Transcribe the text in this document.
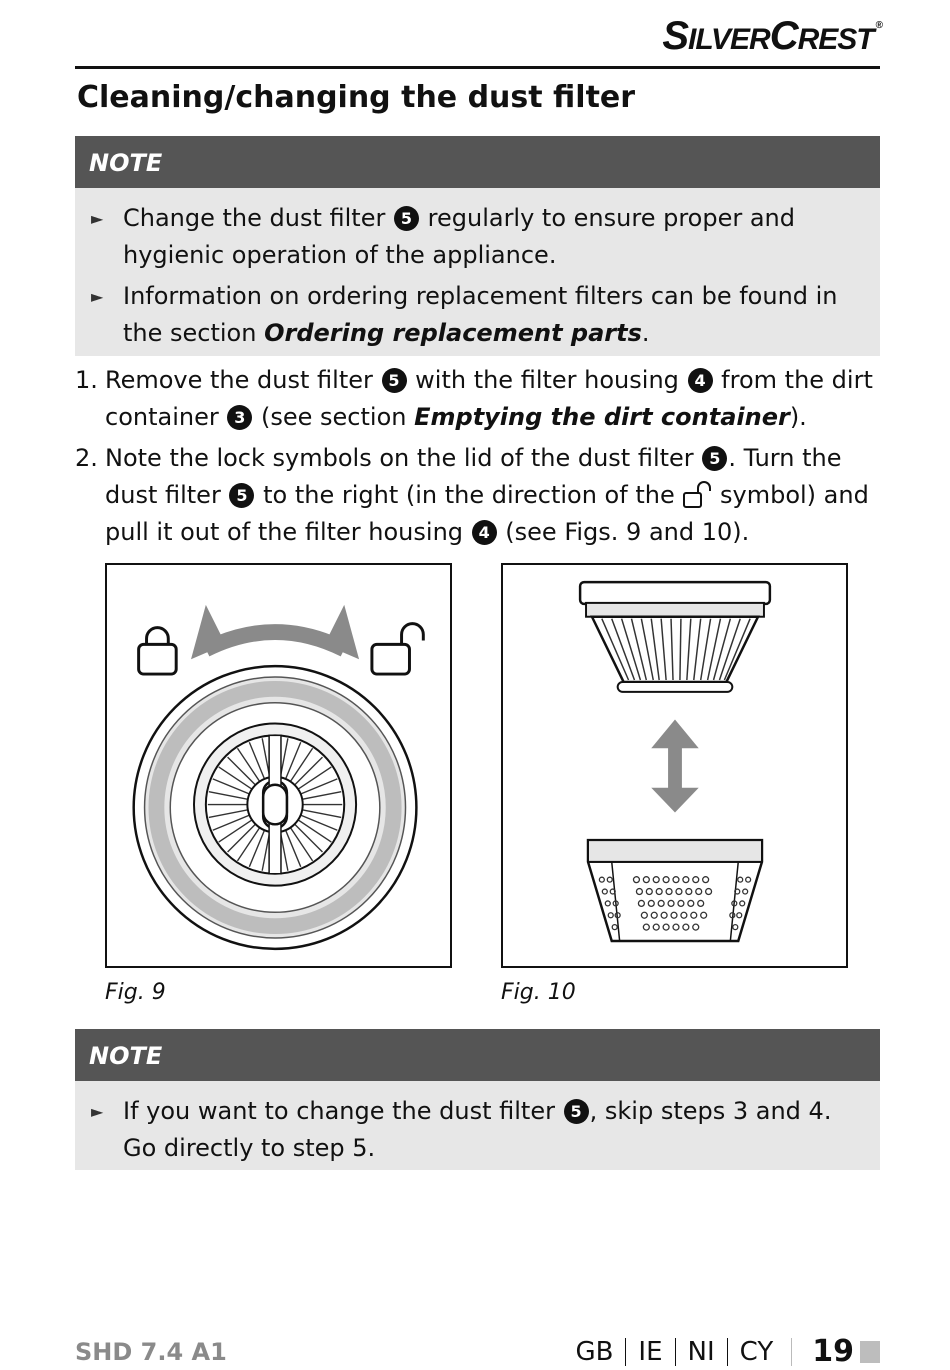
SILVERCREST ®
Cleaning/changing the dust filter
NOTE
► Change the dust filter 5 regularly to ensure proper and hygienic operation of the appliance.
► Information on ordering replacement filters can be found in the section Ordering replacement parts.
1. Remove the dust filter 5 with the filter housing 4 from the dirt container 3 (see section Emptying the dirt container).
2. Note the lock symbols on the lid of the dust filter 5 . Turn the dust filter 5 to the right (in the direction of the symbol) and pull it out of the filter housing 4 (see Figs. 9 and 10).
Fig. 9	Fig. 10
NOTE
► If you want to change the dust filter 5 , skip steps 3 and 4. Go directly to step 5.
SHD 7.4 A1	GB IE NI CY 19
